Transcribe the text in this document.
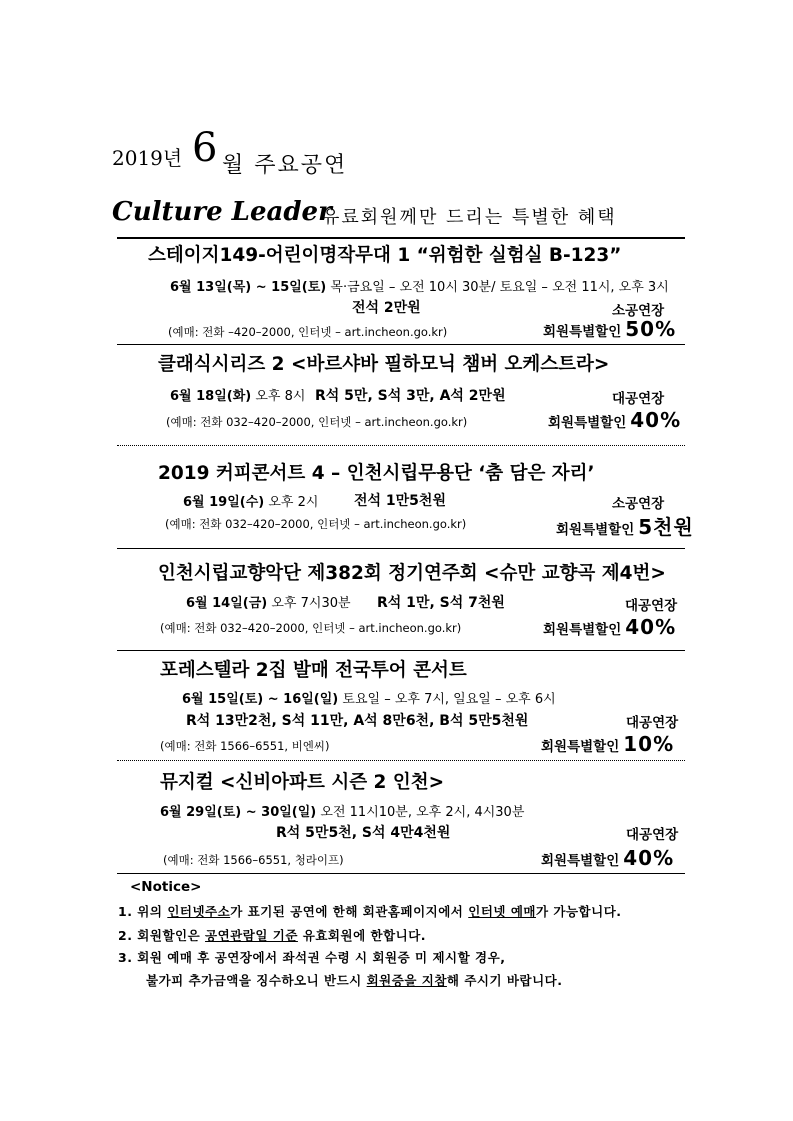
2019년 6 월 주요공연
Culture Leader
유료회원께만 드리는 특별한 혜택
스테이지149-어린이명작무대 1 “위험한 실험실 B-123”
6월 13일(목) ~ 15일(토) 목·금요일 – 오전 10시 30분/ 토요일 – 오전 11시, 오후 3시
전석 2만원	소공연장
(예매: 전화 –420–2000, 인터넷 – art.incheon.go.kr)	회원특별할인 50%
클래식시리즈 2 <바르샤바 필하모닉 챔버 오케스트라>
6월 18일(화) 오후 8시 R석 5만, S석 3만, A석 2만원	대공연장
(예매: 전화 032–420–2000, 인터넷 – art.incheon.go.kr)	회원특별할인 40%
2019 커피콘서트 4 – 인천시립무용단 ‘춤 담은 자리’
6월 19일(수) 오후 2시	전석 1만5천원	소공연장
(예매: 전화 032–420–2000, 인터넷 – art.incheon.go.kr)	회원특별할인 5천원
인천시립교향악단 제382회 정기연주회 <슈만 교향곡 제4번>
6월 14일(금) 오후 7시30분 R석 1만, S석 7천원	대공연장
(예매: 전화 032–420–2000, 인터넷 – art.incheon.go.kr)	회원특별할인 40%
포레스텔라 2집 발매 전국투어 콘서트
6월 15일(토) ~ 16일(일) 토요일 – 오후 7시, 일요일 – 오후 6시
R석 13만2천, S석 11만, A석 8만6천, B석 5만5천원	대공연장
(예매: 전화 1566–6551, 비엔씨)	회원특별할인 10%
뮤지컬 <신비아파트 시즌 2 인천>
6월 29일(토) ~ 30일(일) 오전 11시10분, 오후 2시, 4시30분
R석 5만5천, S석 4만4천원	대공연장
(예매: 전화 1566–6551, 청라이프)	회원특별할인 40%
<Notice>
1. 위의 인터넷주소가 표기된 공연에 한해 회관홈페이지에서 인터넷 예매가 가능합니다.
2. 회원할인은 공연관람일 기준 유효회원에 한합니다.
3. 회원 예매 후 공연장에서 좌석권 수령 시 회원증 미 제시할 경우,
불가피 추가금액을 징수하오니 반드시 회원증을 지참해 주시기 바랍니다.
